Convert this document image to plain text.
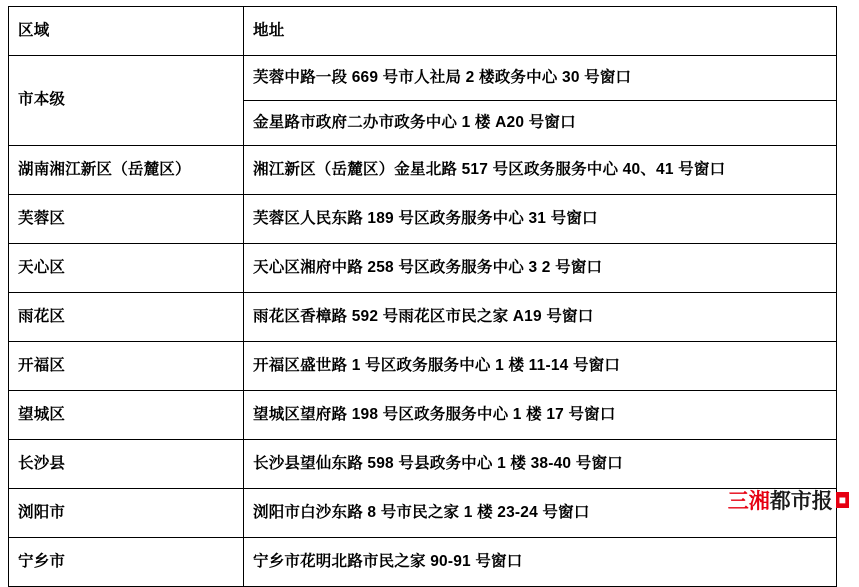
区域	地址
市本级	芙蓉中路一段 669 号市人社局 2 楼政务中心 30 号窗口
	金星路市政府二办市政务中心 1 楼 A20 号窗口
湖南湘江新区（岳麓区）	湘江新区（岳麓区）金星北路 517 号区政务服务中心 40、41 号窗口
芙蓉区	芙蓉区人民东路 189 号区政务服务中心 31 号窗口
天心区	天心区湘府中路 258 号区政务服务中心 3 2 号窗口
雨花区	雨花区香樟路 592 号雨花区市民之家 A19 号窗口
开福区	开福区盛世路 1 号区政务服务中心 1 楼 11-14 号窗口
望城区	望城区望府路 198 号区政务服务中心 1 楼 17 号窗口
长沙县	长沙县望仙东路 598 号县政务中心 1 楼 38-40 号窗口
浏阳市	浏阳市白沙东路 8 号市民之家 1 楼 23-24 号窗口
宁乡市	宁乡市花明北路市民之家 90-91 号窗口
三湘 都市报 ■
